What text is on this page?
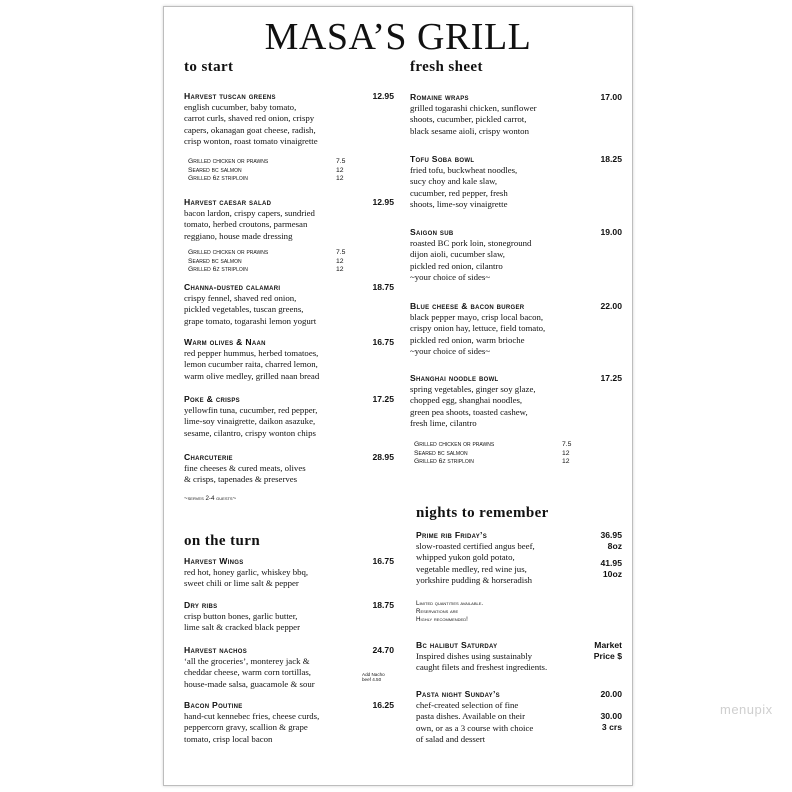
MASA’S GRILL
to start
Harvest tuscan greens	12.95
english cucumber, baby tomato,
carrot curls, shaved red onion, crispy
capers, okanagan goat cheese, radish,
crisp wonton, roast tomato vinaigrette
Grilled chicken or prawns	7.5
Seared bc salmon	12
Grilled 6z striploin	12
Harvest caesar salad	12.95
bacon lardon, crispy capers, sundried
tomato, herbed croutons, parmesan
reggiano, house made dressing
Grilled chicken or prawns	7.5
Seared bc salmon	12
Grilled 6z striploin	12
Channa-dusted calamari	18.75
crispy fennel, shaved red onion,
pickled vegetables, tuscan greens,
grape tomato, togarashi lemon yogurt
Warm olives & Naan	16.75
red pepper hummus, herbed tomatoes,
lemon cucumber raita, charred lemon,
warm olive medley, grilled naan bread
Poke & crisps	17.25
yellowfin tuna, cucumber, red pepper,
lime-soy vinaigrette, daikon asazuke,
sesame, cilantro, crispy wonton chips
Charcuterie	28.95
fine cheeses & cured meats, olives
& crisps, tapenades & preserves
~serves 2-4 guests~
on the turn
Harvest Wings	16.75
red hot, honey garlic, whiskey bbq,
sweet chili or lime salt & pepper
Dry ribs	18.75
crisp button bones, garlic butter,
lime salt & cracked black pepper
Harvest nachos	24.70
‘all the groceries’, monterey jack &
cheddar cheese, warm corn tortillas,
house-made salsa, guacamole & sour
Add Nacho
beef 4.50
Bacon Poutine	16.25
hand-cut kennebec fries, cheese curds,
peppercorn gravy, scallion & grape
tomato, crisp local bacon
fresh sheet
Romaine wraps	17.00
grilled togarashi chicken, sunflower
shoots, cucumber, pickled carrot,
black sesame aioli, crispy wonton
Tofu Soba bowl	18.25
fried tofu, buckwheat noodles,
sucy choy and kale slaw,
cucumber, red pepper, fresh
shoots, lime-soy vinaigrette
Saigon sub	19.00
roasted BC pork loin, stoneground
dijon aioli, cucumber slaw,
pickled red onion, cilantro
~your choice of sides~
Blue cheese & bacon burger	22.00
black pepper mayo, crisp local bacon,
crispy onion hay, lettuce, field tomato,
pickled red onion, warm brioche
~your choice of sides~
Shanghai noodle bowl	17.25
spring vegetables, ginger soy glaze,
chopped egg, shanghai noodles,
green pea shoots, toasted cashew,
fresh lime, cilantro
Grilled chicken or prawns	7.5
Seared bc salmon	12
Grilled 6z striploin	12
nights to remember
Prime rib Friday’s	36.95
8oz
41.95
10oz
slow-roasted certified angus beef,
whipped yukon gold potato,
vegetable medley, red wine jus,
yorkshire pudding & horseradish
Limited quantities available.
Reservations are
Highly recommended!
Bc halibut Saturday	Market
Price $
Inspired dishes using sustainably
caught filets and freshest ingredients.
Pasta night Sunday’s	20.00
30.00
3 crs
chef-created selection of fine
pasta dishes. Available on their
own, or as a 3 course with choice
of salad and dessert
menupix
